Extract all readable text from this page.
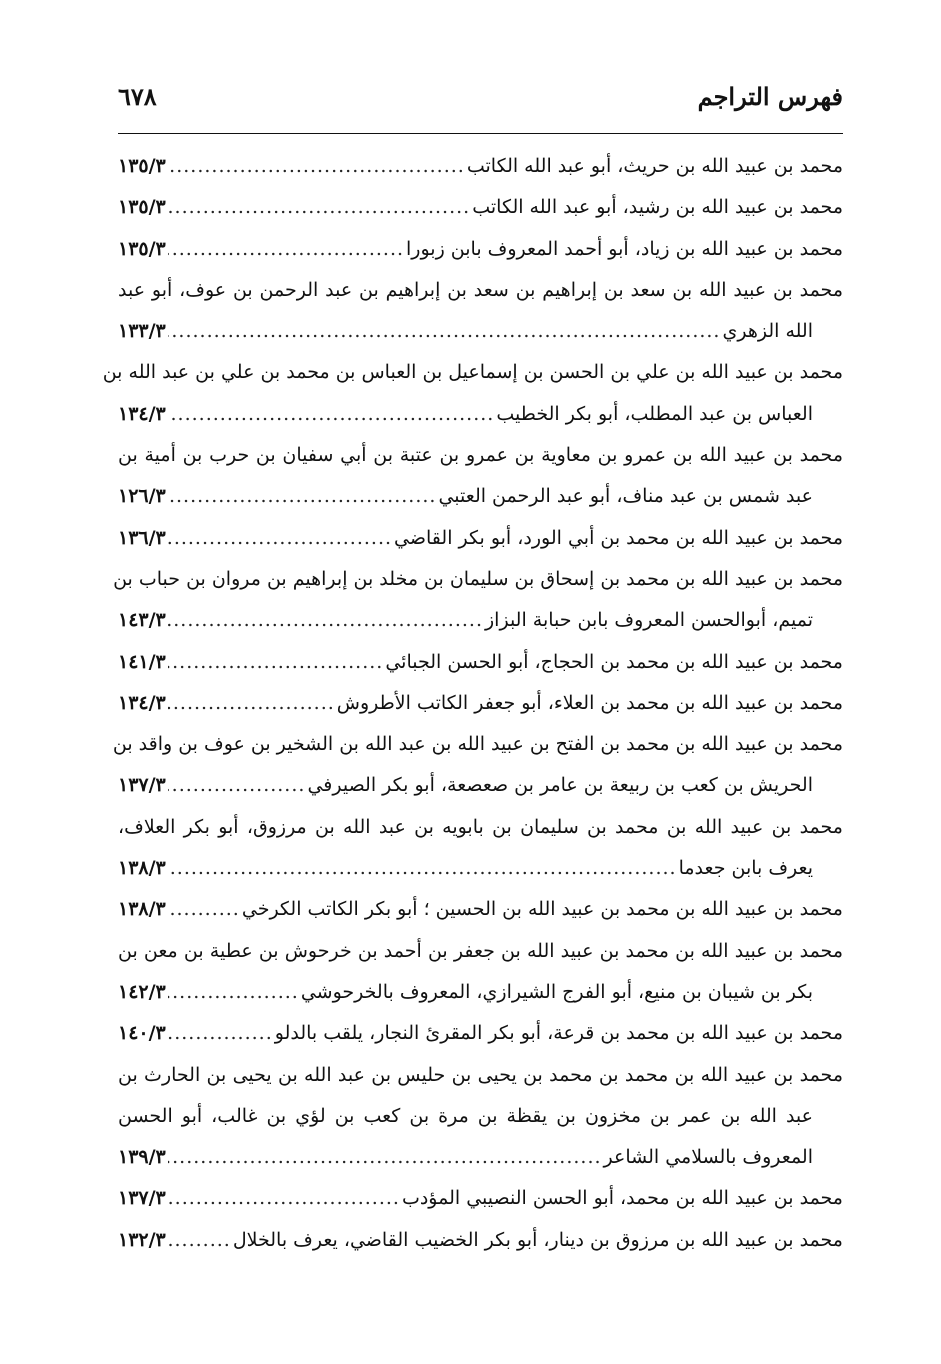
فهرس التراجم
٦٧٨
محمد بن عبيد الله بن حريث، أبو عبد الله الكاتب
.....
١٣٥/٣
محمد بن عبيد الله بن رشيد، أبو عبد الله الكاتب
.....
١٣٥/٣
محمد بن عبيد الله بن زياد، أبو أحمد المعروف بابن زبورا
.....
١٣٥/٣
محمد بن عبيد الله بن سعد بن إبراهيم بن سعد بن إبراهيم بن عبد الرحمن بن عوف، أبو عبد
الله الزهري
.....
١٣٣/٣
محمد بن عبيد الله بن علي بن الحسن بن إسماعيل بن العباس بن محمد بن علي بن عبد الله بن
العباس بن عبد المطلب، أبو بكر الخطيب
.....
١٣٤/٣
محمد بن عبيد الله بن عمرو بن معاوية بن عمرو بن عتبة بن أبي سفيان بن حرب بن أمية بن
عبد شمس بن عبد مناف، أبو عبد الرحمن العتبي
.....
١٢٦/٣
محمد بن عبيد الله بن محمد بن أبي الورد، أبو بكر القاضي
.....
١٣٦/٣
محمد بن عبيد الله بن محمد بن إسحاق بن سليمان بن مخلد بن إبراهيم بن مروان بن حباب بن
تميم، أبوالحسن المعروف بابن حبابة البزاز
.....
١٤٣/٣
محمد بن عبيد الله بن محمد بن الحجاج، أبو الحسن الجبائي
.....
١٤١/٣
محمد بن عبيد الله بن محمد بن العلاء، أبو جعفر الكاتب الأطروش
.....
١٣٤/٣
محمد بن عبيد الله بن محمد بن الفتح بن عبيد الله بن عبد الله بن الشخير بن عوف بن واقد بن
الحريش بن كعب بن ربيعة بن عامر بن صعصعة، أبو بكر الصيرفي
.....
١٣٧/٣
محمد بن عبيد الله بن محمد بن سليمان بن بابويه بن عبد الله بن مرزوق، أبو بكر العلاف،
يعرف بابن جعدما
.....
١٣٨/٣
محمد بن عبيد الله بن محمد بن عبيد الله بن الحسين ؛ أبو بكر الكاتب الكرخي
.....
١٣٨/٣
محمد بن عبيد الله بن محمد بن عبيد الله بن جعفر بن أحمد بن خرحوش بن عطية بن معن بن
بكر بن شيبان بن منيع، أبو الفرج الشيرازي، المعروف بالخرحوشي
.....
١٤٢/٣
محمد بن عبيد الله بن محمد بن قرعة، أبو بكر المقرئ النجار، يلقب بالدلو
.....
١٤٠/٣
محمد بن عبيد الله بن محمد بن محمد بن يحيى بن حليس بن عبد الله بن يحيى بن الحارث بن
عبد الله بن عمر بن مخزون بن يقظة بن مرة بن كعب بن لؤي بن غالب، أبو الحسن
المعروف بالسلامي الشاعر
.....
١٣٩/٣
محمد بن عبيد الله بن محمد، أبو الحسن النصيبي المؤدب
.....
١٣٧/٣
محمد بن عبيد الله بن مرزوق بن دينار، أبو بكر الخضيب القاضي، يعرف بالخلال
.....
١٣٢/٣
